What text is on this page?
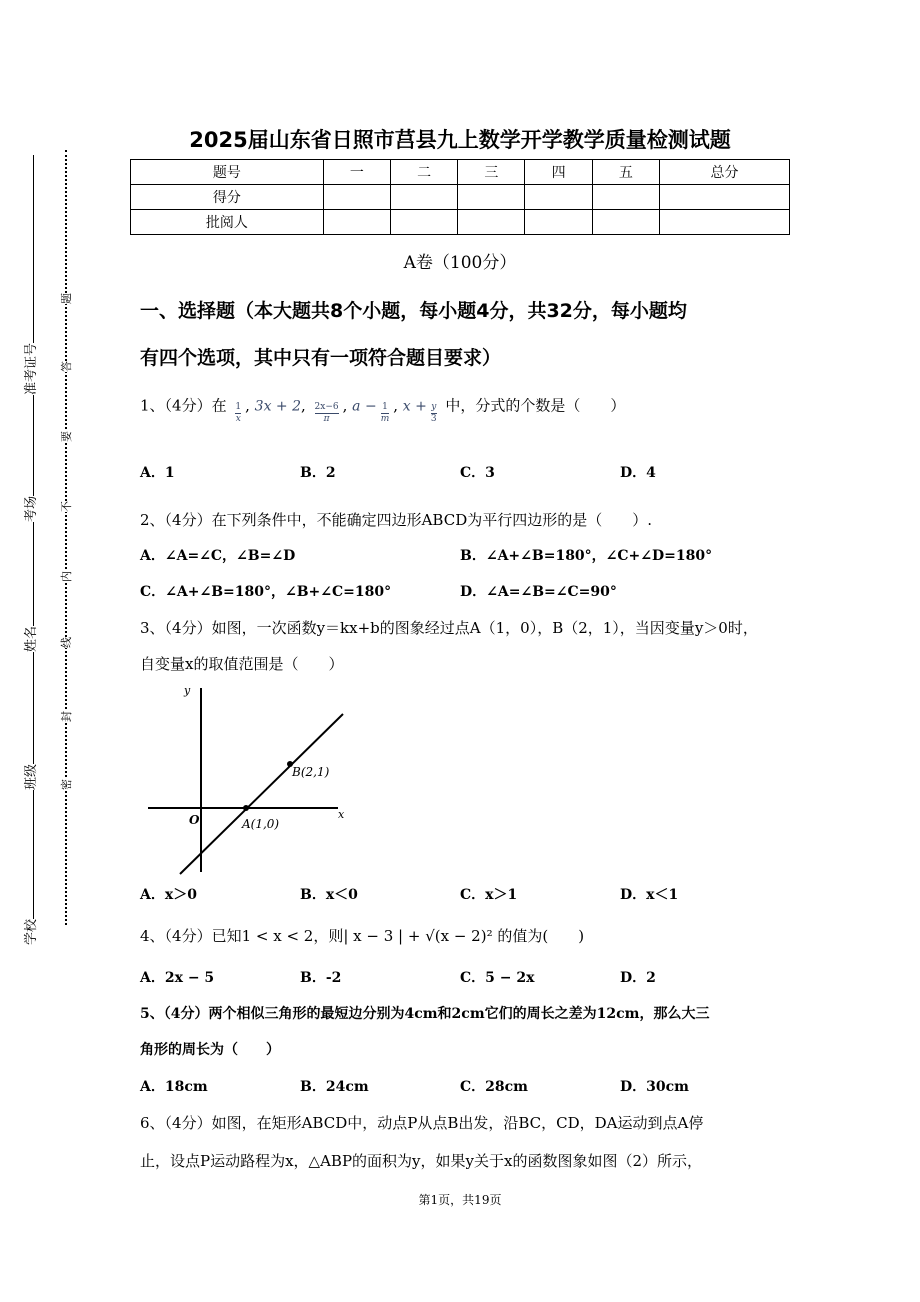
学校
班级
姓名
考场
准考证号
密
封
线
内
不
要
答
题
2025届山东省日照市莒县九上数学开学教学质量检测试题
题号	一	二	三	四	五	总分
得分						
批阅人						
A卷（100分）
一、选择题（本大题共8个小题，每小题4分，共32分，每小题均
有四个选项，其中只有一项符合题目要求）
1、（4分）在 $\frac{1}{x}$ , 3x + 2, $\frac{2x-6}{\pi}$ , $a - \frac{1}{m}$ , $x + \frac{y}{3}$ 中，分式的个数是（　　）
A．1	B．2	C．3	D．4
2、（4分）在下列条件中，不能确定四边形ABCD为平行四边形的是（　　）.
A．∠A=∠C，∠B=∠D	B．∠A+∠B=180°，∠C+∠D=180°
C．∠A+∠B=180°，∠B+∠C=180°	D．∠A=∠B=∠C=90°
3、（4分）如图，一次函数y＝kx+b的图象经过点A（1，0），B（2，1），当因变量y＞0时，
自变量x的取值范围是（　　）
y
x
O	A(1,0)
B(2,1)
A．x＞0	B．x＜0	C．x＞1	D．x＜1
4、（4分）已知1 < x < 2，则| x − 3 | + √(x − 2)² 的值为(　　)
A．2x − 5	B．-2	C．5 − 2x	D．2
5、（4分）两个相似三角形的最短边分别为4cm和2cm它们的周长之差为12cm，那么大三
角形的周长为（　　）
A．18cm	B．24cm	C．28cm	D．30cm
6、（4分）如图，在矩形ABCD中，动点P从点B出发，沿BC，CD，DA运动到点A停
止，设点P运动路程为x，△ABP的面积为y，如果y关于x的函数图象如图（2）所示，
第1页，共19页
